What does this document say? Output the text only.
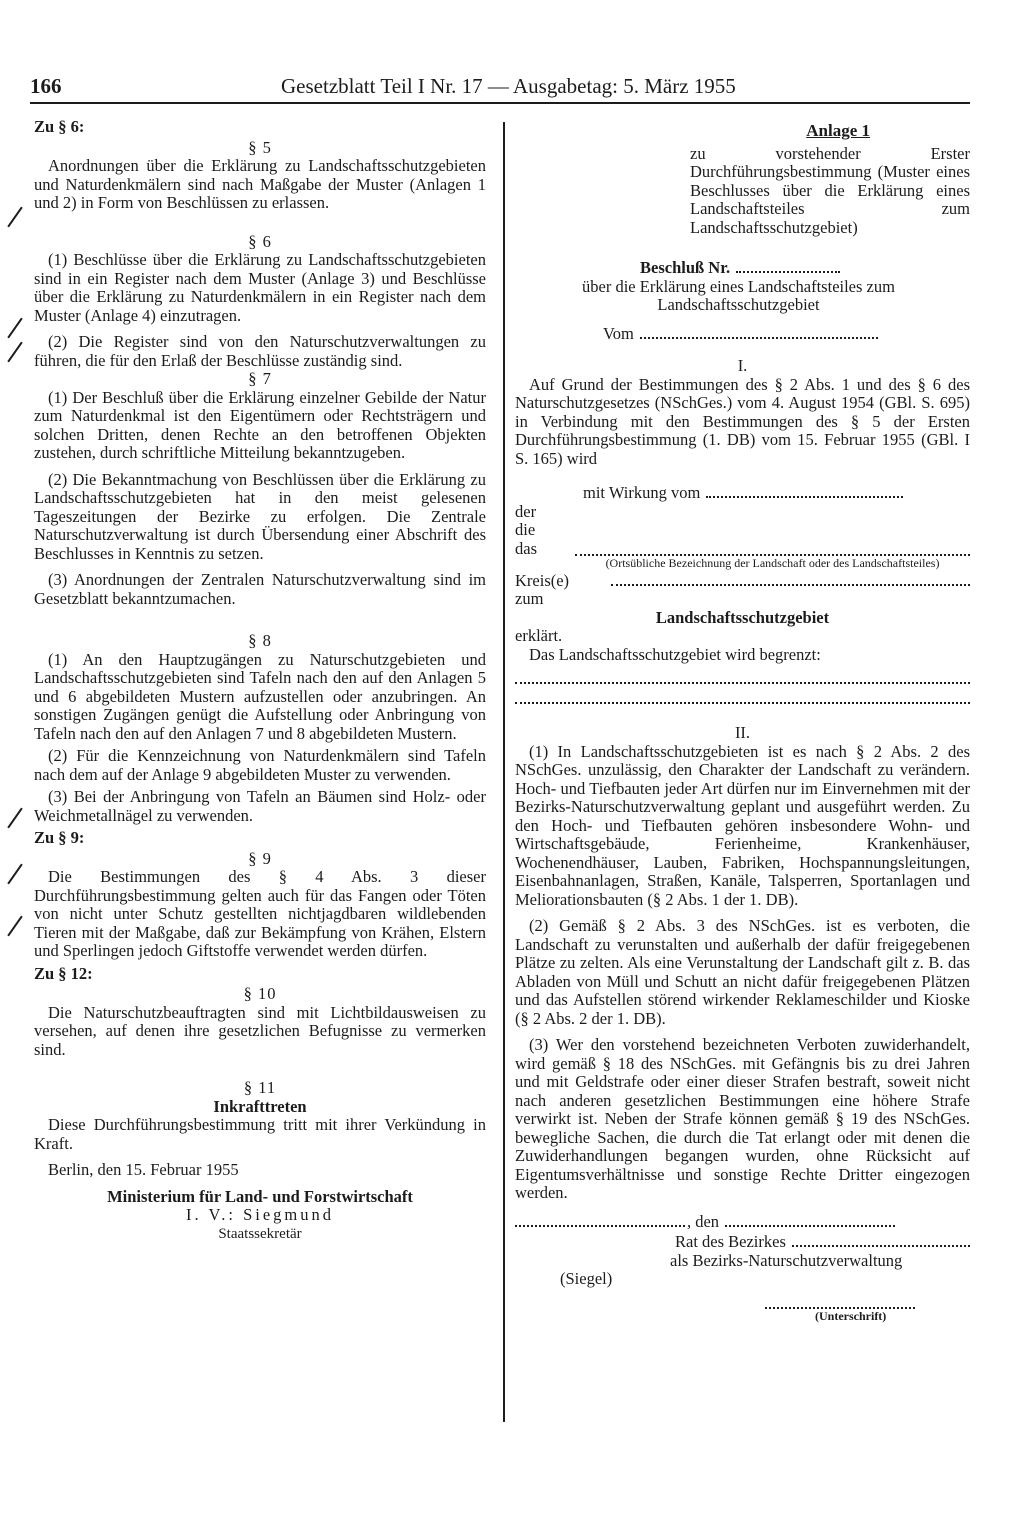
166	Gesetzblatt Teil I Nr. 17 — Ausgabetag: 5. März 1955
Zu § 6:
§ 5

Anordnungen über die Erklärung zu Landschaftsschutzgebieten und Naturdenkmälern sind nach Maßgabe der Muster (Anlagen 1 und 2) in Form von Beschlüssen zu erlassen.

§ 6

(1) Beschlüsse über die Erklärung zu Landschaftsschutzgebieten sind in ein Register nach dem Muster (Anlage 3) und Beschlüsse über die Erklärung zu Naturdenkmälern in ein Register nach dem Muster (Anlage 4) einzutragen.

(2) Die Register sind von den Naturschutzverwaltungen zu führen, die für den Erlaß der Beschlüsse zuständig sind.

§ 7

(1) Der Beschluß über die Erklärung einzelner Gebilde der Natur zum Naturdenkmal ist den Eigentümern oder Rechtsträgern und solchen Dritten, denen Rechte an den betroffenen Objekten zustehen, durch schriftliche Mitteilung bekanntzugeben.

(2) Die Bekanntmachung von Beschlüssen über die Erklärung zu Landschaftsschutzgebieten hat in den meist gelesenen Tageszeitungen der Bezirke zu erfolgen. Die Zentrale Naturschutzverwaltung ist durch Übersendung einer Abschrift des Beschlusses in Kenntnis zu setzen.

(3) Anordnungen der Zentralen Naturschutzverwaltung sind im Gesetzblatt bekanntzumachen.

§ 8

(1) An den Hauptzugängen zu Naturschutzgebieten und Landschaftsschutzgebieten sind Tafeln nach den auf den Anlagen 5 und 6 abgebildeten Mustern aufzustellen oder anzubringen. An sonstigen Zugängen genügt die Aufstellung oder Anbringung von Tafeln nach den auf den Anlagen 7 und 8 abgebildeten Mustern.

(2) Für die Kennzeichnung von Naturdenkmälern sind Tafeln nach dem auf der Anlage 9 abgebildeten Muster zu verwenden.

(3) Bei der Anbringung von Tafeln an Bäumen sind Holz- oder Weichmetallnägel zu verwenden.

Zu § 9:
§ 9

Die Bestimmungen des § 4 Abs. 3 dieser Durchführungsbestimmung gelten auch für das Fangen oder Töten von nicht unter Schutz gestellten nichtjagdbaren wildlebenden Tieren mit der Maßgabe, daß zur Bekämpfung von Krähen, Elstern und Sperlingen jedoch Giftstoffe verwendet werden dürfen.

Zu § 12:
§ 10

Die Naturschutzbeauftragten sind mit Lichtbildausweisen zu versehen, auf denen ihre gesetzlichen Befugnisse zu vermerken sind.

§ 11
Inkrafttreten

Diese Durchführungsbestimmung tritt mit ihrer Verkündung in Kraft.

Berlin, den 15. Februar 1955

Ministerium für Land- und Forstwirtschaft
I. V.: Siegmund
Staatssekretär
Anlage 1
zu vorstehender Erster Durchführungsbestimmung (Muster eines Beschlusses über die Erklärung eines Landschaftsteiles zum Landschaftsschutzgebiet)
Beschluß Nr.
über die Erklärung eines Landschaftsteiles zum Landschaftsschutzgebiet
Vom
I.

Auf Grund der Bestimmungen des § 2 Abs. 1 und des § 6 des Naturschutzgesetzes (NSchGes.) vom 4. August 1954 (GBl. S. 695) in Verbindung mit den Bestimmungen des § 5 der Ersten Durchführungsbestimmung (1. DB) vom 15. Februar 1955 (GBl. I S. 165) wird

mit Wirkung vom
der
die
das
(Ortsübliche Bezeichnung der Landschaft oder des Landschaftsteiles)
Kreis(e)
zum
Landschaftsschutzgebiet
erklärt.

Das Landschaftsschutzgebiet wird begrenzt:

II.

(1) In Landschaftsschutzgebieten ist es nach § 2 Abs. 2 des NSchGes. unzulässig, den Charakter der Landschaft zu verändern. Hoch- und Tiefbauten jeder Art dürfen nur im Einvernehmen mit der Bezirks-Naturschutzverwaltung geplant und ausgeführt werden. Zu den Hoch- und Tiefbauten gehören insbesondere Wohn- und Wirtschaftsgebäude, Ferienheime, Krankenhäuser, Wochenendhäuser, Lauben, Fabriken, Hochspannungsleitungen, Eisenbahnanlagen, Straßen, Kanäle, Talsperren, Sportanlagen und Meliorationsbauten (§ 2 Abs. 1 der 1. DB).

(2) Gemäß § 2 Abs. 3 des NSchGes. ist es verboten, die Landschaft zu verunstalten und außerhalb der dafür freigegebenen Plätze zu zelten. Als eine Verunstaltung der Landschaft gilt z. B. das Abladen von Müll und Schutt an nicht dafür freigegebenen Plätzen und das Aufstellen störend wirkender Reklameschilder und Kioske (§ 2 Abs. 2 der 1. DB).

(3) Wer den vorstehend bezeichneten Verboten zuwiderhandelt, wird gemäß § 18 des NSchGes. mit Gefängnis bis zu drei Jahren und mit Geldstrafe oder einer dieser Strafen bestraft, soweit nicht nach anderen gesetzlichen Bestimmungen eine höhere Strafe verwirkt ist. Neben der Strafe können gemäß § 19 des NSchGes. bewegliche Sachen, die durch die Tat erlangt oder mit denen die Zuwiderhandlungen begangen wurden, ohne Rücksicht auf Eigentumsverhältnisse und sonstige Rechte Dritter eingezogen werden.

, den
Rat des Bezirkes
als Bezirks-Naturschutzverwaltung
(Siegel)
(Unterschrift)
